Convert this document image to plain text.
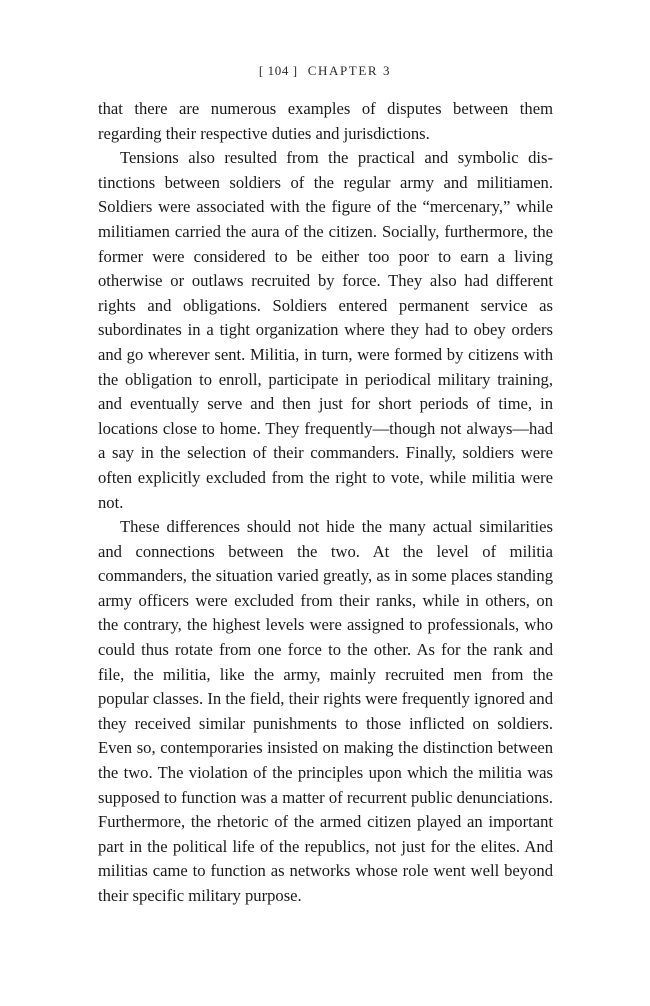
[ 104 ] CHAPTER 3

that there are numerous examples of disputes between them regarding their respective duties and jurisdictions.

Tensions also resulted from the practical and symbolic distinctions between soldiers of the regular army and militiamen. Soldiers were associated with the figure of the “mercenary,” while militiamen carried the aura of the citizen. Socially, furthermore, the former were considered to be either too poor to earn a living otherwise or outlaws recruited by force. They also had different rights and obligations. Soldiers entered permanent service as subordinates in a tight organization where they had to obey orders and go wherever sent. Militia, in turn, were formed by citizens with the obligation to enroll, participate in periodical military training, and eventually serve and then just for short periods of time, in locations close to home. They frequently—though not always—had a say in the selection of their commanders. Finally, soldiers were often explicitly excluded from the right to vote, while militia were not.

These differences should not hide the many actual similarities and connections between the two. At the level of militia commanders, the situation varied greatly, as in some places standing army officers were excluded from their ranks, while in others, on the contrary, the highest levels were assigned to professionals, who could thus rotate from one force to the other. As for the rank and file, the militia, like the army, mainly recruited men from the popular classes. In the field, their rights were frequently ignored and they received similar punishments to those inflicted on soldiers. Even so, contemporaries insisted on making the distinction between the two. The violation of the principles upon which the militia was supposed to function was a matter of recurrent public denunciations. Furthermore, the rhetoric of the armed citizen played an important part in the political life of the republics, not just for the elites. And militias came to function as networks whose role went well beyond their specific military purpose.
